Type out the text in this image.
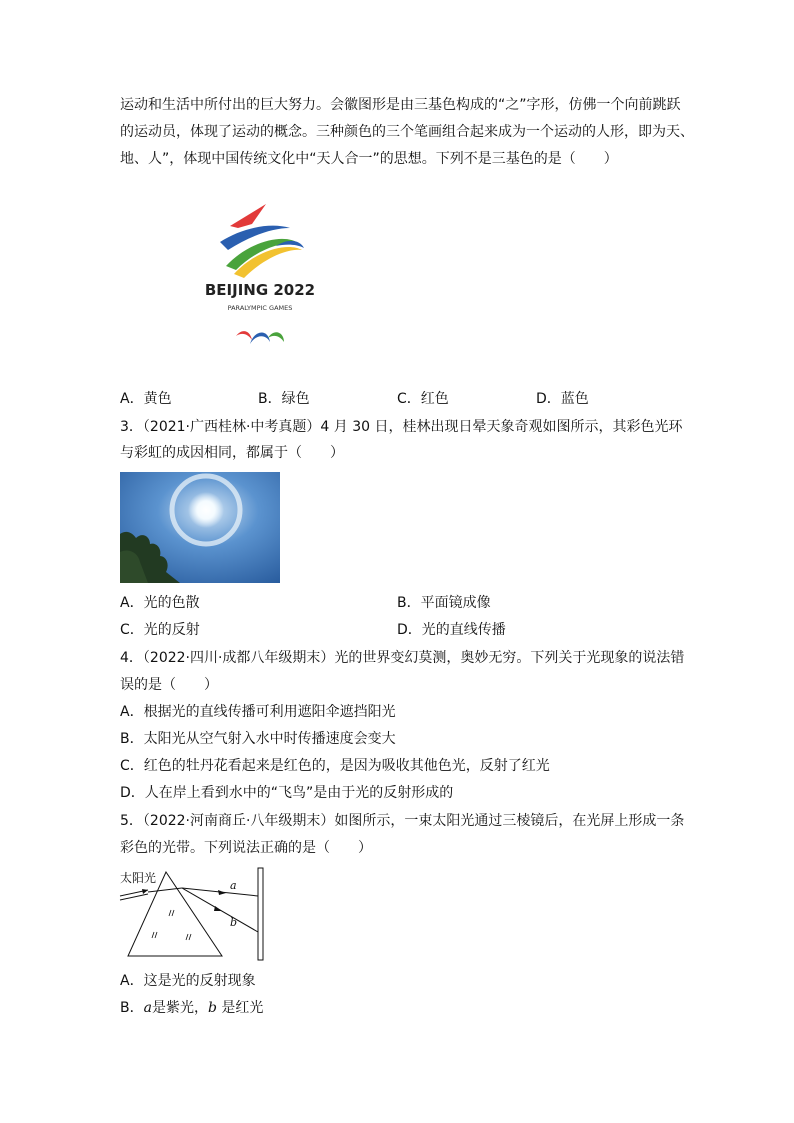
运动和生活中所付出的巨大努力。会徽图形是由三基色构成的“之”字形，仿佛一个向前跳跃
的运动员，体现了运动的概念。三种颜色的三个笔画组合起来成为一个运动的人形，即为天、
地、人”，体现中国传统文化中“天人合一”的思想。下列不是三基色的是（　　）
BEIJING 2022
PARALYMPIC GAMES
A．黄色	B．绿色	C．红色	D．蓝色
3．（2021·广西桂林·中考真题）4 月 30 日，桂林出现日晕天象奇观如图所示，其彩色光环
与彩虹的成因相同，都属于（　　）
A．光的色散	B．平面镜成像
C．光的反射	D．光的直线传播
4．（2022·四川·成都八年级期末）光的世界变幻莫测，奥妙无穷。下列关于光现象的说法错
误的是（　　）
A．根据光的直线传播可利用遮阳伞遮挡阳光
B．太阳光从空气射入水中时传播速度会变大
C．红色的牡丹花看起来是红色的，是因为吸收其他色光，反射了红光
D．人在岸上看到水中的“飞鸟”是由于光的反射形成的
5．（2022·河南商丘·八年级期末）如图所示，一束太阳光通过三棱镜后，在光屏上形成一条
彩色的光带。下列说法正确的是（　　）
太阳光
a
b
A．这是光的反射现象
B．a是紫光，b 是红光
